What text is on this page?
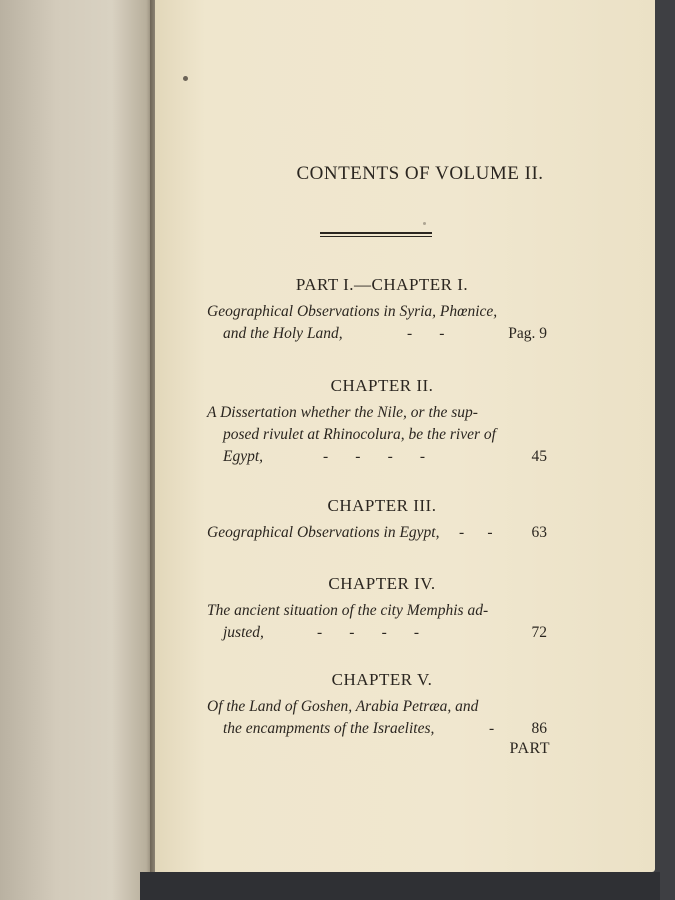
CONTENTS OF VOLUME II.
PART I.—CHAPTER I.
Geographical Observations in Syria, Phœnice,
and the Holy Land,	-       -	Pag. 9
CHAPTER II.
A Dissertation whether the Nile, or the sup-
posed rivulet at Rhinocolura, be the river of
Egypt,	-       -       -       -	45
CHAPTER III.
Geographical Observations in Egypt, -      -	63
CHAPTER IV.
The ancient situation of the city Memphis ad-
justed,	-       -       -       -	72
CHAPTER V.
Of the Land of Goshen, Arabia Petræa, and
the encampments of the Israelites,	- 86
PART
